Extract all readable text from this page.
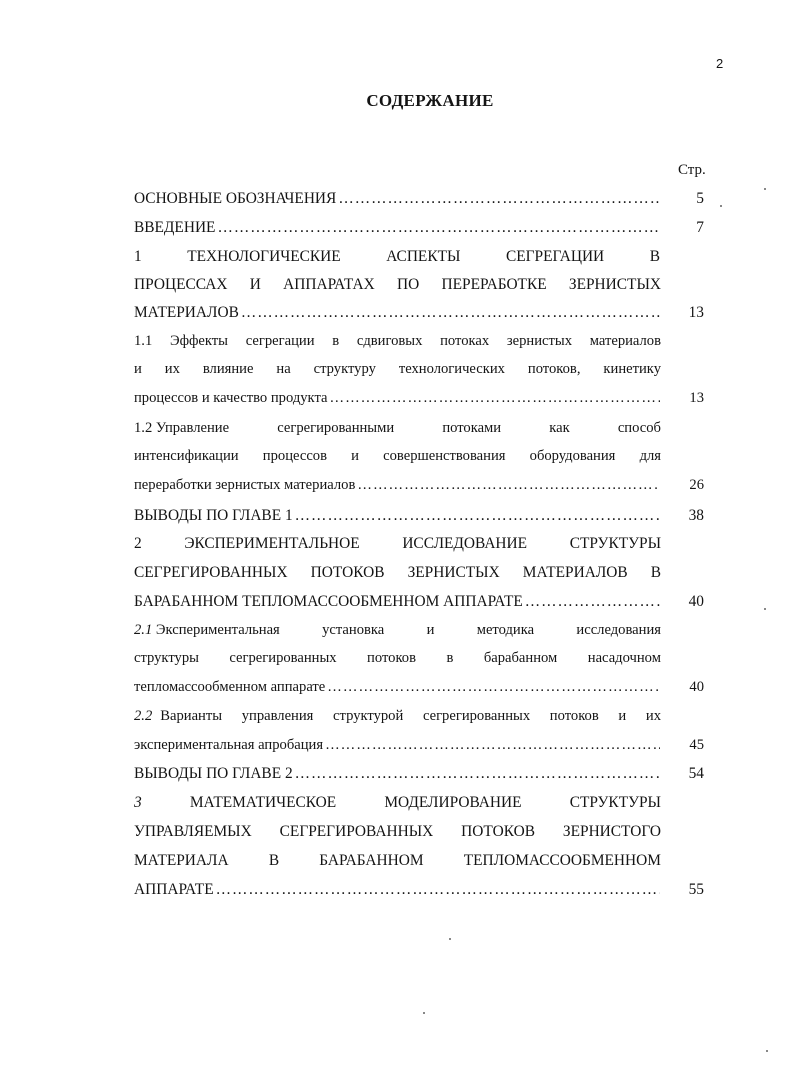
2
СОДЕРЖАНИЕ
Стр.
ОСНОВНЫЕ ОБОЗНАЧЕНИЯ …………………………………………………………………………………………………………………………………	5
ВВЕДЕНИЕ …………………………………………………………………………………………………………………………………	7
1	ТЕХНОЛОГИЧЕСКИЕ	АСПЕКТЫ	СЕГРЕГАЦИИ	В
ПРОЦЕССАХ И АППАРАТАХ ПО ПЕРЕРАБОТКЕ ЗЕРНИСТЫХ
МАТЕРИАЛОВ …………………………………………………………………………………………………………………………………	13
1.1 Эффекты сегрегации в сдвиговых потоках зернистых материалов
и их влияние на структуру технологических потоков, кинетику
процессов и качество продукта …………………………………………………………………………………………………………………………………	13
1.2 Управление	сегрегированными	потоками	как	способ
интенсификации процессов и совершенствования оборудования для
переработки зернистых материалов …………………………………………………………………………………………………………………………………	26
ВЫВОДЫ ПО ГЛАВЕ 1 …………………………………………………………………………………………………………………………………	38
2	ЭКСПЕРИМЕНТАЛЬНОЕ	ИССЛЕДОВАНИЕ	СТРУКТУРЫ
СЕГРЕГИРОВАННЫХ ПОТОКОВ ЗЕРНИСТЫХ МАТЕРИАЛОВ В
БАРАБАННОМ ТЕПЛОМАССООБМЕННОМ АППАРАТЕ …………………………………………………………………………………………………………………………………	40
2.1 Экспериментальная	установка	и	методика	исследования
структуры сегрегированных потоков в барабанном насадочном
тепломассообменном аппарате …………………………………………………………………………………………………………………………………	40
2.2 Варианты управления структурой сегрегированных потоков и их
экспериментальная апробация …………………………………………………………………………………………………………………………………	45
ВЫВОДЫ ПО ГЛАВЕ 2 …………………………………………………………………………………………………………………………………	54
3	МАТЕМАТИЧЕСКОЕ	МОДЕЛИРОВАНИЕ	СТРУКТУРЫ
УПРАВЛЯЕМЫХ СЕГРЕГИРОВАННЫХ ПОТОКОВ ЗЕРНИСТОГО
МАТЕРИАЛА	В	БАРАБАННОМ	ТЕПЛОМАССООБМЕННОМ
АППАРАТЕ …………………………………………………………………………………………………………………………………	55
